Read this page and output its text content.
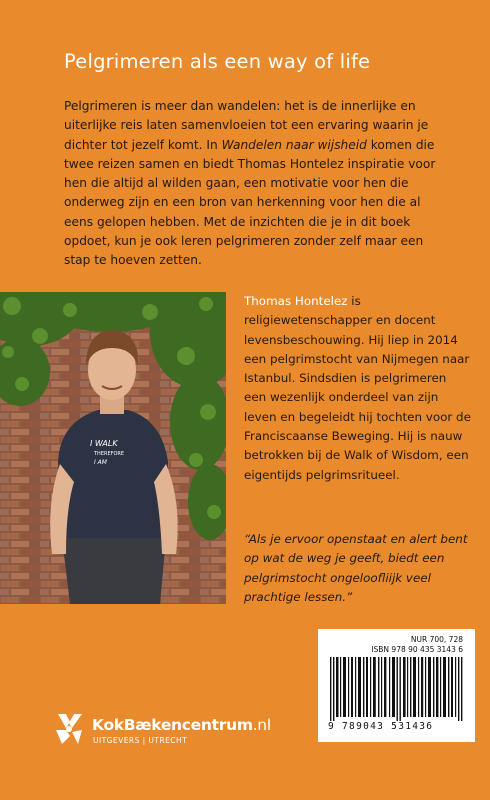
Pelgrimeren als een way of life
Pelgrimeren is meer dan wandelen: het is de innerlijke en uiterlijke reis laten samenvloeien tot een ervaring waarin je dichter tot jezelf komt. In Wandelen naar wijsheid komen die twee reizen samen en biedt Thomas Hontelez inspiratie voor hen die altijd al wilden gaan, een motivatie voor hen die onderweg zijn en een bron van herkenning voor hen die al eens gelopen hebben. Met de inzichten die je in dit boek opdoet, kun je ook leren pelgrimeren zonder zelf maar een stap te hoeven zetten.
I WALK
THEREFORE
I AM
Thomas Hontelez is religiewetenschapper en docent levensbeschouwing. Hij liep in 2014 een pelgrimstocht van Nijmegen naar Istanbul. Sindsdien is pelgrimeren een wezenlijk onderdeel van zijn leven en begeleidt hij tochten voor de Franciscaanse Beweging. Hij is nauw betrokken bij de Walk of Wisdom, een eigentijds pelgrimsritueel.
“Als je ervoor openstaat en alert bent op wat de weg je geeft, biedt een pelgrimstocht ongeloofliijk veel prachtige lessen.”
NUR 700, 728
ISBN 978 90 435 3143 6
9 789043 531436
KokBækencentrum.nl
UITGEVERS | UTRECHT
